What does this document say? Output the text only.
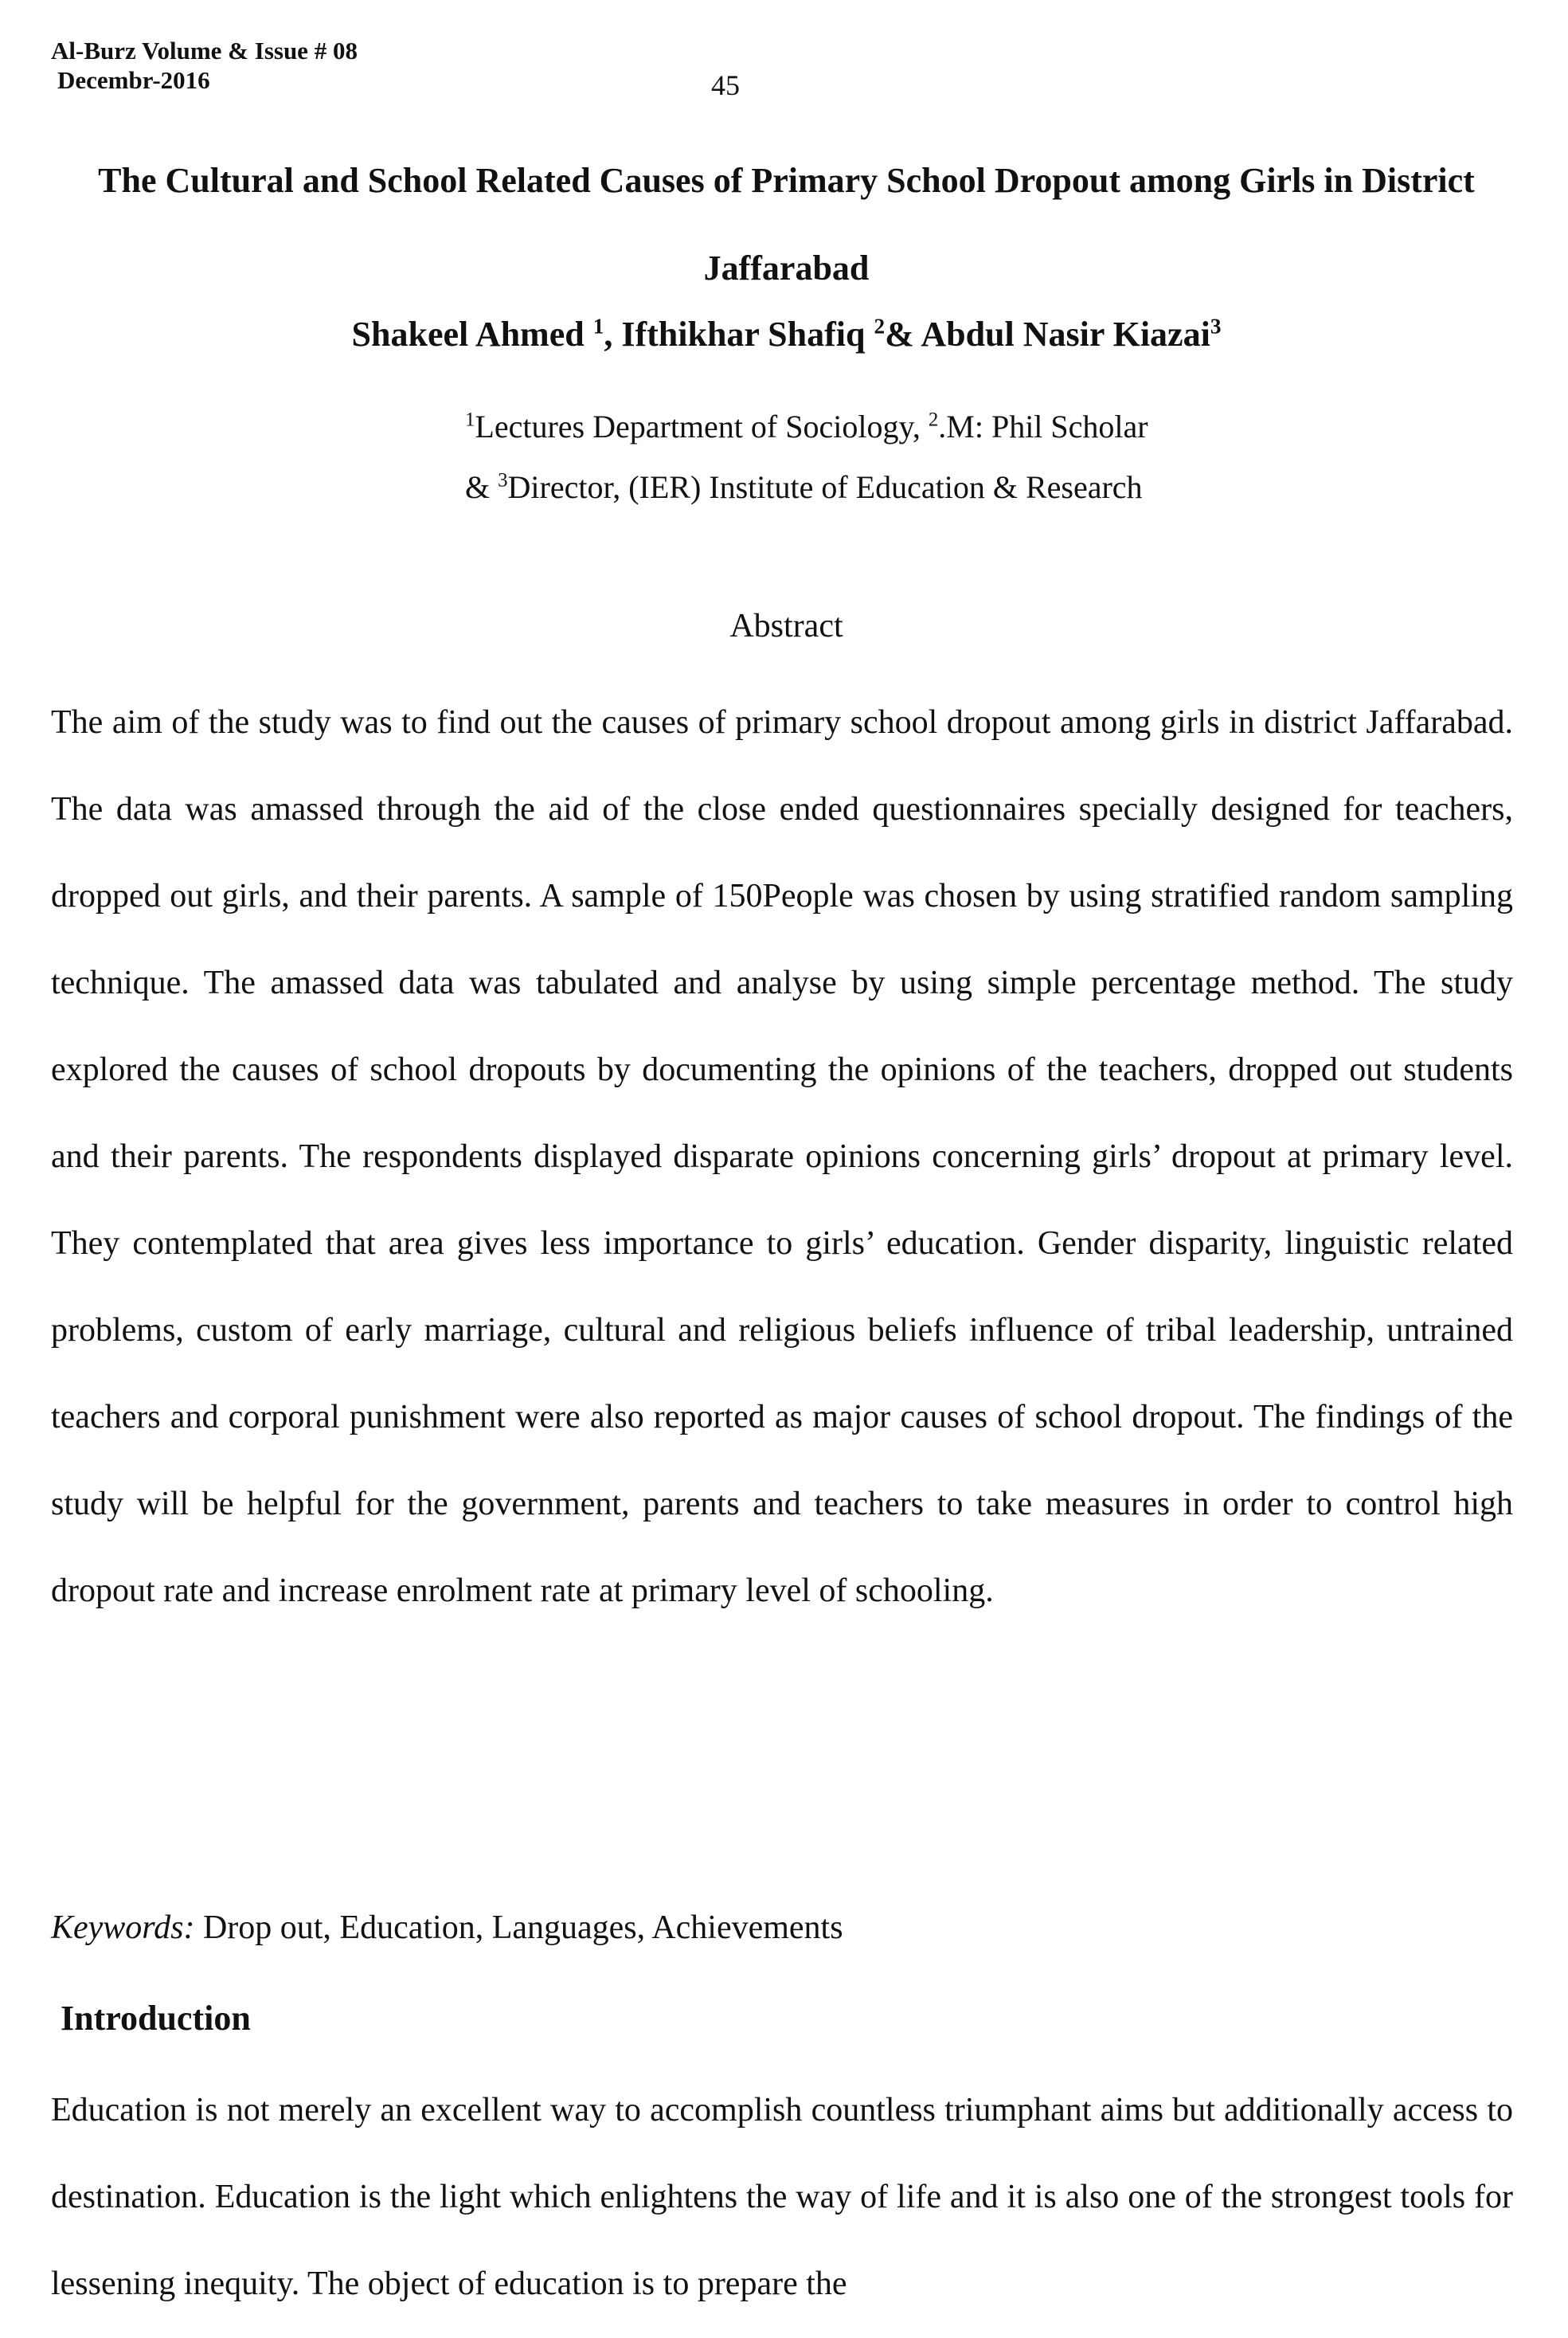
Al-Burz Volume & Issue # 08
Decembr-2016	45
The Cultural and School Related Causes of Primary School Dropout among Girls in District Jaffarabad
Shakeel Ahmed $^1$, Ifthikhar Shafiq $^2$& Abdul Nasir Kiazai$^3$
$^1$Lectures Department of Sociology, $^2$.M: Phil Scholar
& $^3$Director, (IER) Institute of Education & Research
Abstract

The aim of the study was to find out the causes of primary school dropout among girls in district Jaffarabad. The data was amassed through the aid of the close ended questionnaires specially designed for teachers, dropped out girls, and their parents. A sample of 150People was chosen by using stratified random sampling technique. The amassed data was tabulated and analyse by using simple percentage method. The study explored the causes of school dropouts by documenting the opinions of the teachers, dropped out students and their parents. The respondents displayed disparate opinions concerning girls’ dropout at primary level. They contemplated that area gives less importance to girls’ education. Gender disparity, linguistic related problems, custom of early marriage, cultural and religious beliefs influence of tribal leadership, untrained teachers and corporal punishment were also reported as major causes of school dropout. The findings of the study will be helpful for the government, parents and teachers to take measures in order to control high dropout rate and increase enrolment rate at primary level of schooling.

Keywords: Drop out, Education, Languages, Achievements
Introduction

Education is not merely an excellent way to accomplish countless triumphant aims but additionally access to destination. Education is the light which enlightens the way of life and it is also one of the strongest tools for lessening inequity. The object of education is to prepare the
